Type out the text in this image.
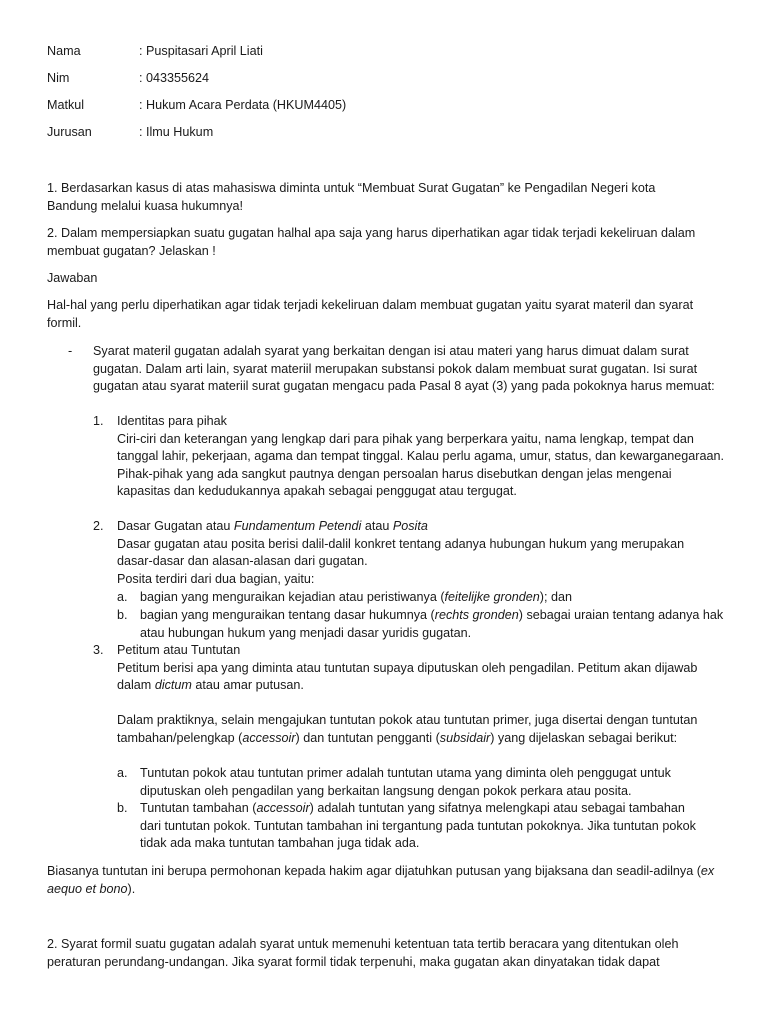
Nama	: Puspitasari April Liati
Nim	: 043355624
Matkul	: Hukum Acara Perdata (HKUM4405)
Jurusan	: Ilmu Hukum

1. Berdasarkan kasus di atas mahasiswa diminta untuk “Membuat Surat Gugatan” ke Pengadilan Negeri kota Bandung melalui kuasa hukumnya!

2. Dalam mempersiapkan suatu gugatan halhal apa saja yang harus diperhatikan agar tidak terjadi kekeliruan dalam membuat gugatan? Jelaskan !

Jawaban

Hal-hal yang perlu diperhatikan agar tidak terjadi kekeliruan dalam membuat gugatan yaitu syarat materil dan syarat formil.

- Syarat materil gugatan adalah syarat yang berkaitan dengan isi atau materi yang harus dimuat dalam surat gugatan. Dalam arti lain, syarat materiil merupakan substansi pokok dalam membuat surat gugatan. Isi surat gugatan atau syarat materiil surat gugatan mengacu pada Pasal 8 ayat (3) yang pada pokoknya harus memuat:

1. Identitas para pihak

Ciri-ciri dan keterangan yang lengkap dari para pihak yang berperkara yaitu, nama lengkap, tempat dan tanggal lahir, pekerjaan, agama dan tempat tinggal. Kalau perlu agama, umur, status, dan kewarganegaraan.

Pihak-pihak yang ada sangkut pautnya dengan persoalan harus disebutkan dengan jelas mengenai kapasitas dan kedudukannya apakah sebagai penggugat atau tergugat.

2. Dasar Gugatan atau Fundamentum Petendi atau Posita

Dasar gugatan atau posita berisi dalil-dalil konkret tentang adanya hubungan hukum yang merupakan dasar-dasar dan alasan-alasan dari gugatan.

Posita terdiri dari dua bagian, yaitu:

a. bagian yang menguraikan kejadian atau peristiwanya (feitelijke gronden); dan

b. bagian yang menguraikan tentang dasar hukumnya (rechts gronden) sebagai uraian tentang adanya hak atau hubungan hukum yang menjadi dasar yuridis gugatan.

3. Petitum atau Tuntutan

Petitum berisi apa yang diminta atau tuntutan supaya diputuskan oleh pengadilan. Petitum akan dijawab dalam dictum atau amar putusan.

Dalam praktiknya, selain mengajukan tuntutan pokok atau tuntutan primer, juga disertai dengan tuntutan tambahan/pelengkap (accessoir) dan tuntutan pengganti (subsidair) yang dijelaskan sebagai berikut:

a. Tuntutan pokok atau tuntutan primer adalah tuntutan utama yang diminta oleh penggugat untuk diputuskan oleh pengadilan yang berkaitan langsung dengan pokok perkara atau posita.

b. Tuntutan tambahan (accessoir) adalah tuntutan yang sifatnya melengkapi atau sebagai tambahan dari tuntutan pokok. Tuntutan tambahan ini tergantung pada tuntutan pokoknya. Jika tuntutan pokok tidak ada maka tuntutan tambahan juga tidak ada.

Biasanya tuntutan ini berupa permohonan kepada hakim agar dijatuhkan putusan yang bijaksana dan seadil-adilnya (ex aequo et bono).

2. Syarat formil suatu gugatan adalah syarat untuk memenuhi ketentuan tata tertib beracara yang ditentukan oleh peraturan perundang-undangan. Jika syarat formil tidak terpenuhi, maka gugatan akan dinyatakan tidak dapat
